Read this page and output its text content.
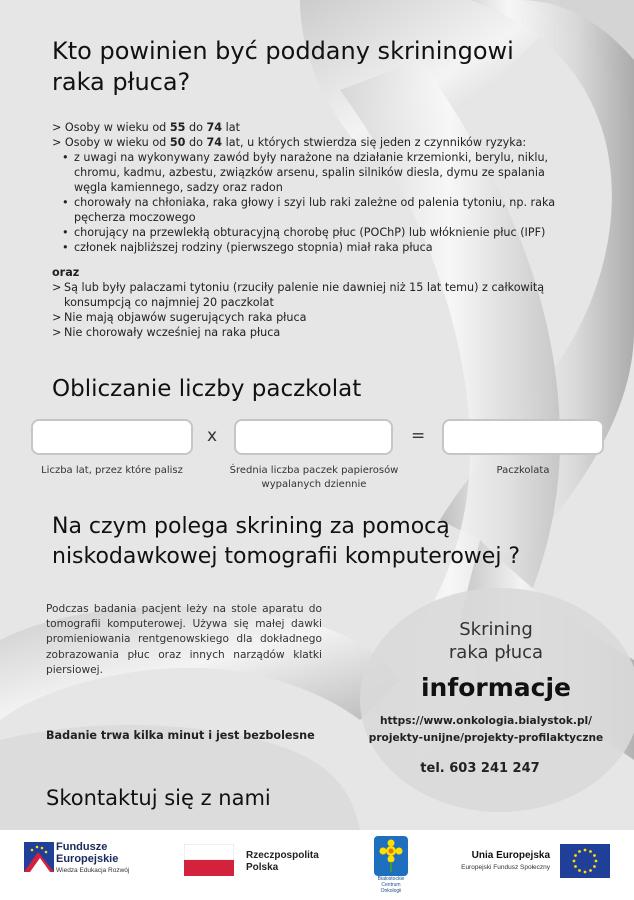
Kto powinien być poddany skriningowi raka płuca?
> Osoby w wieku od 55 do 74 lat
> Osoby w wieku od 50 do 74 lat, u których stwierdza się jeden z czynników ryzyka:
• z uwagi na wykonywany zawód były narażone na działanie krzemionki, berylu, niklu, chromu, kadmu, azbestu, związków arsenu, spalin silników diesla, dymu ze spalania węgla kamiennego, sadzy oraz radon
• chorowały na chłoniaka, raka głowy i szyi lub raki zależne od palenia tytoniu, np. raka pęcherza moczowego
• chorujący na przewlekłą obturacyjną chorobę płuc (POChP) lub włóknienie płuc (IPF)
• członek najbliższej rodziny (pierwszego stopnia) miał raka płuca
oraz
> Są lub były palaczami tytoniu (rzuciły palenie nie dawniej niż 15 lat temu) z całkowitą konsumpcją co najmniej 20 paczkolat
> Nie mają objawów sugerujących raka płuca
> Nie chorowały wcześniej na raka płuca
Obliczanie liczby paczkolat
x	=
Liczba lat, przez które palisz	Średnia liczba paczek papierosów wypalanych dziennie
Paczkolata
Na czym polega skrining za pomocą niskodawkowej tomografii komputerowej ?

Podczas badania pacjent leży na stole aparatu do tomografii komputerowej. Używa się małej dawki promieniowania rentgenowskiego dla dokładnego zobrazowania płuc oraz innych narządów klatki piersiowej.

Badanie trwa kilka minut i jest bezbolesne

Skrining
raka płuca
informacje
https://www.onkologia.bialystok.pl/
projekty-unijne/projekty-profilaktyczne
tel. 603 241 247
Skontaktuj się z nami
Fundusze
Europejskie
Wiedza Edukacja Rozwój
Rzeczpospolita
Polska
Białostockie
Centrum
Onkologii
Unia Europejska
Europejski Fundusz Społeczny
